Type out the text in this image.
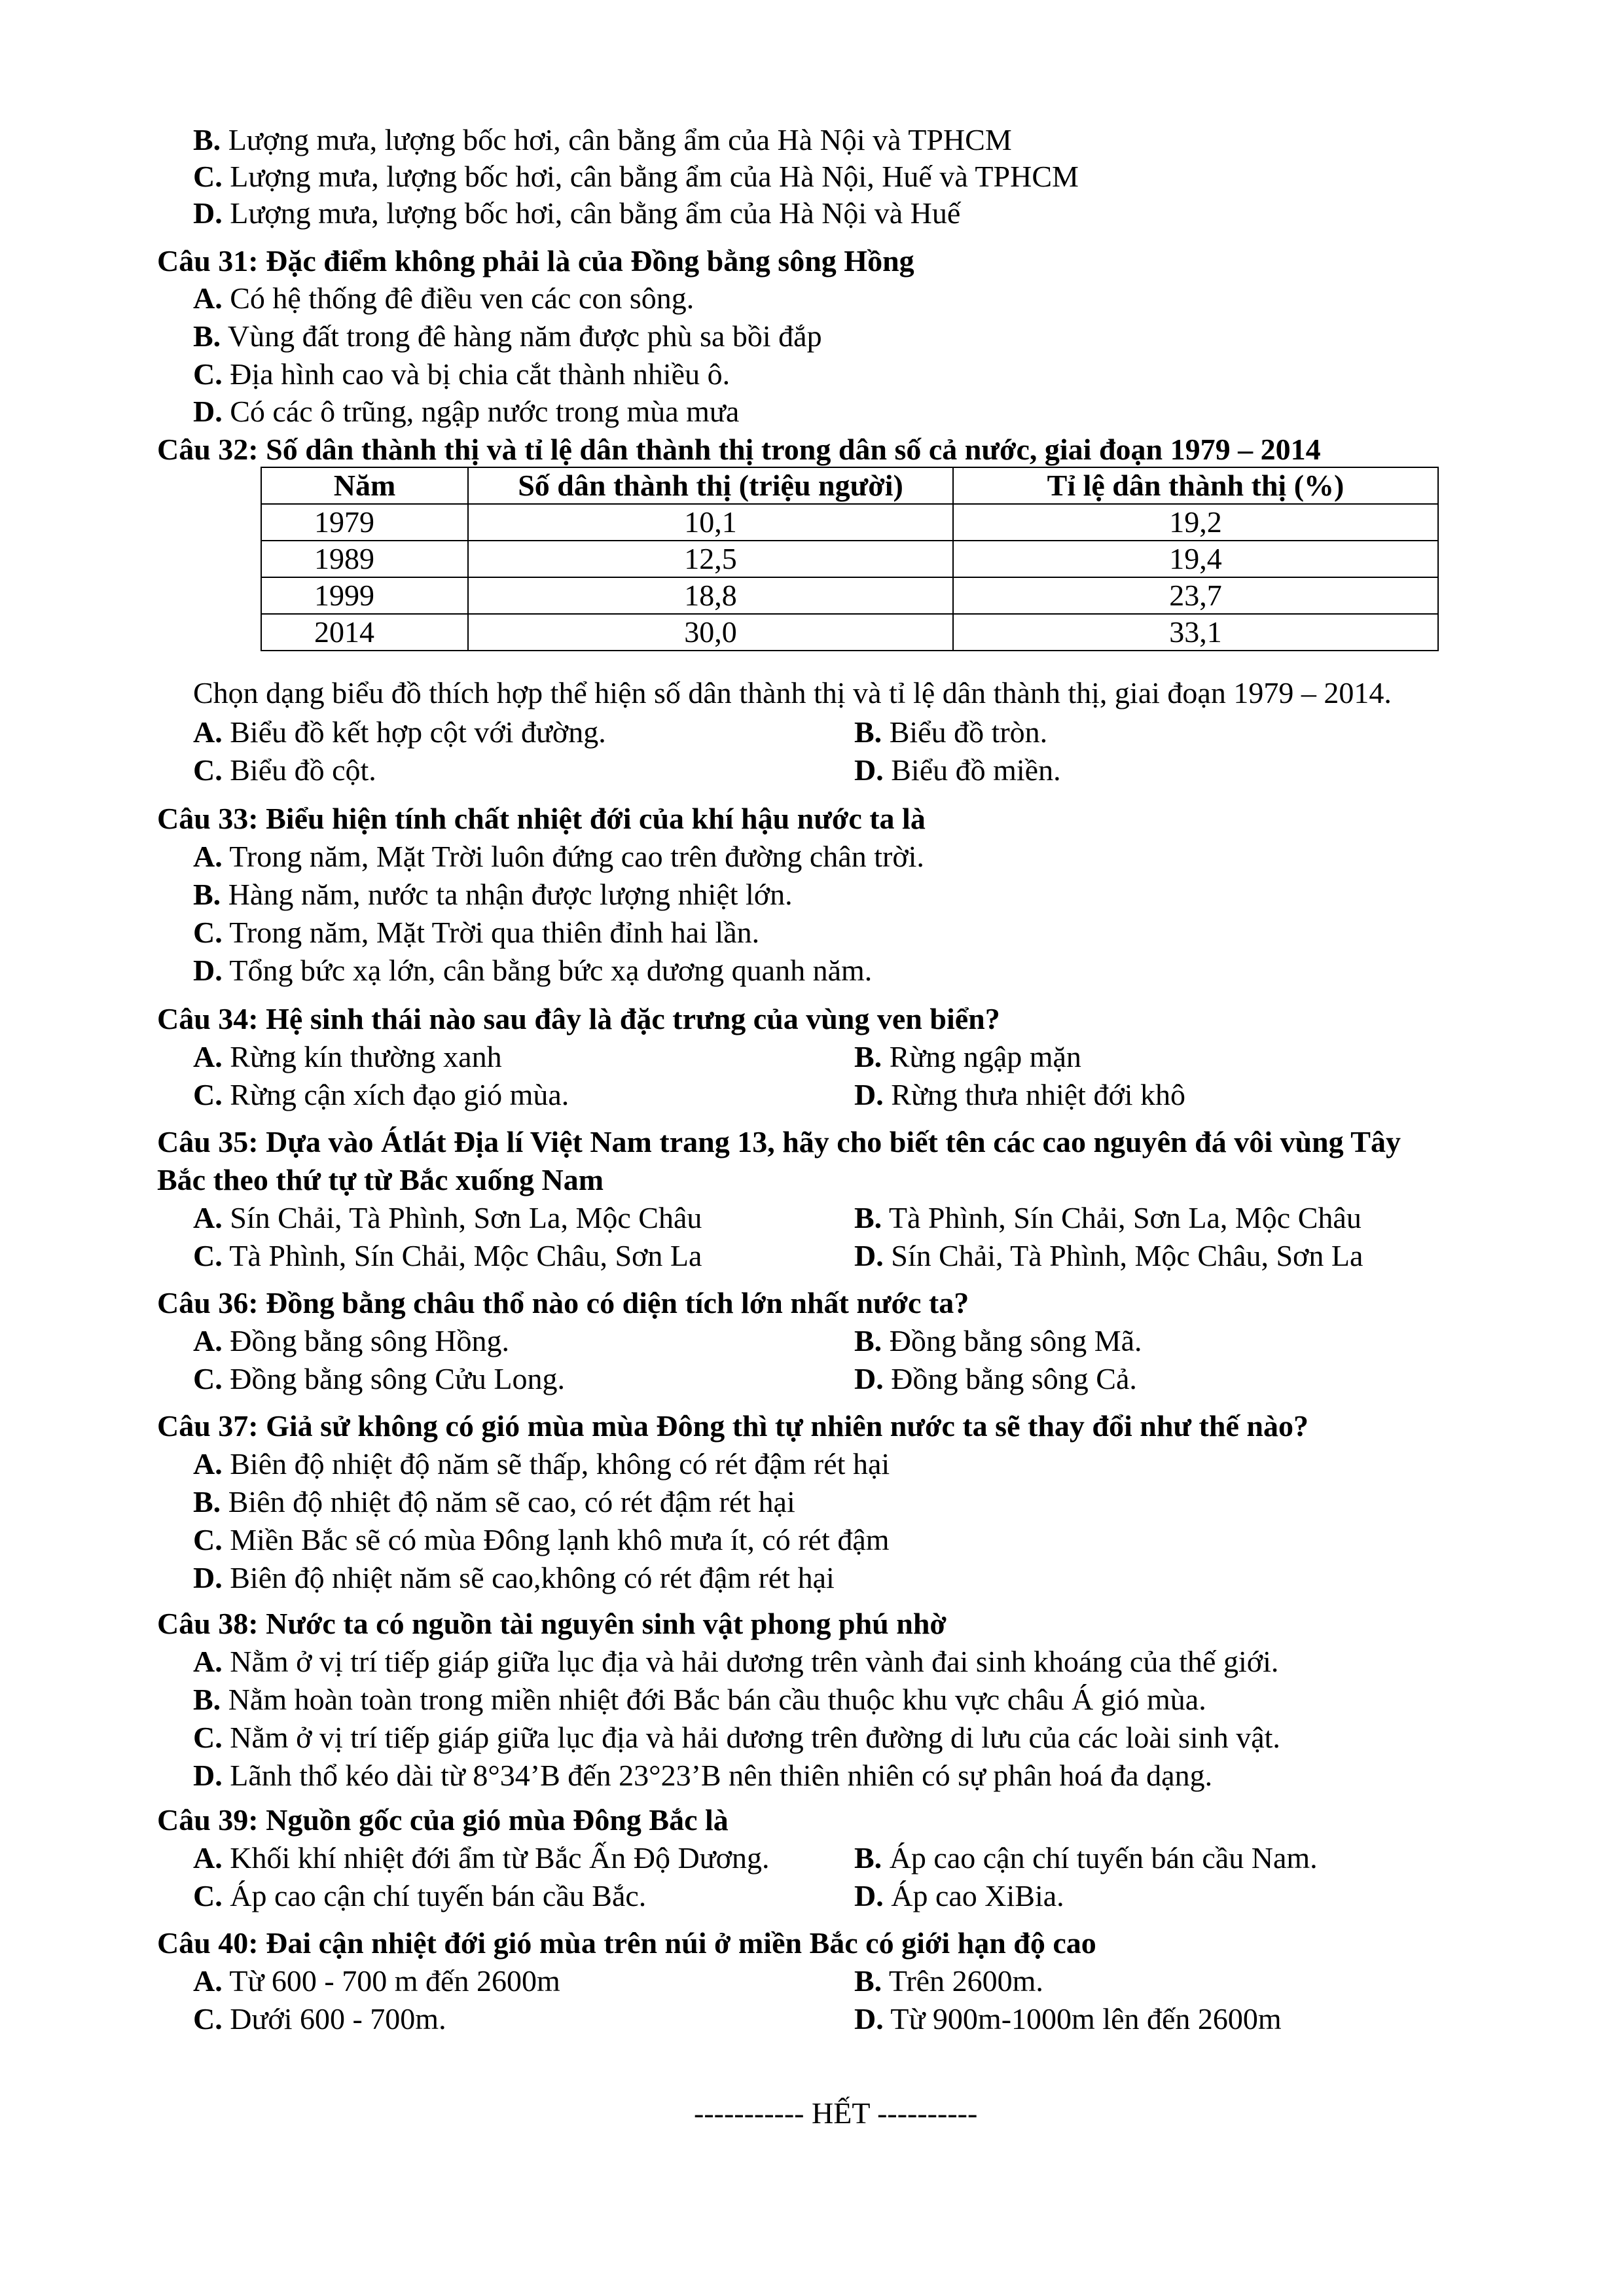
B. Lượng mưa, lượng bốc hơi, cân bằng ẩm của Hà Nội và TPHCM
C. Lượng mưa, lượng bốc hơi, cân bằng ẩm của Hà Nội, Huế và TPHCM
D. Lượng mưa, lượng bốc hơi, cân bằng ẩm của Hà Nội và Huế
Câu 31: Đặc điểm không phải là của Đồng bằng sông Hồng
A. Có hệ thống đê điều ven các con sông.
B. Vùng đất trong đê hàng năm được phù sa bồi đắp
C. Địa hình cao và bị chia cắt thành nhiều ô.
D. Có các ô trũng, ngập nước trong mùa mưa
Câu 32: Số dân thành thị và tỉ lệ dân thành thị trong dân số cả nước, giai đoạn 1979 – 2014
Năm	Số dân thành thị (triệu người)	Tỉ lệ dân thành thị (%)
1979	10,1	19,2
1989	12,5	19,4
1999	18,8	23,7
2014	30,0	33,1
Chọn dạng biểu đồ thích hợp thể hiện số dân thành thị và tỉ lệ dân thành thị, giai đoạn 1979 – 2014.
A. Biểu đồ kết hợp cột với đường.	B. Biểu đồ tròn.
C. Biểu đồ cột.	D. Biểu đồ miền.
Câu 33: Biểu hiện tính chất nhiệt đới của khí hậu nước ta là
A. Trong năm, Mặt Trời luôn đứng cao trên đường chân trời.
B. Hàng năm, nước ta nhận được lượng nhiệt lớn.
C. Trong năm, Mặt Trời qua thiên đỉnh hai lần.
D. Tổng bức xạ lớn, cân bằng bức xạ dương quanh năm.
Câu 34: Hệ sinh thái nào sau đây là đặc trưng của vùng ven biển?
A. Rừng kín thường xanh	B. Rừng ngập mặn
C. Rừng cận xích đạo gió mùa.	D. Rừng thưa nhiệt đới khô
Câu 35: Dựa vào Átlát Địa lí Việt Nam trang 13, hãy cho biết tên các cao nguyên đá vôi vùng Tây
Bắc theo thứ tự từ Bắc xuống Nam
A. Sín Chải, Tà Phình, Sơn La, Mộc Châu	B. Tà Phình, Sín Chải, Sơn La, Mộc Châu
C. Tà Phình, Sín Chải, Mộc Châu, Sơn La	D. Sín Chải, Tà Phình, Mộc Châu, Sơn La
Câu 36: Đồng bằng châu thổ nào có diện tích lớn nhất nước ta?
A. Đồng bằng sông Hồng.	B. Đồng bằng sông Mã.
C. Đồng bằng sông Cửu Long.	D. Đồng bằng sông Cả.
Câu 37: Giả sử không có gió mùa mùa Đông thì tự nhiên nước ta sẽ thay đổi như thế nào?
A. Biên độ nhiệt độ năm sẽ thấp, không có rét đậm rét hại
B. Biên độ nhiệt độ năm sẽ cao, có rét đậm rét hại
C. Miền Bắc sẽ có mùa Đông lạnh khô mưa ít, có rét đậm
D. Biên độ nhiệt năm sẽ cao,không có rét đậm rét hại
Câu 38: Nước ta có nguồn tài nguyên sinh vật phong phú nhờ
A. Nằm ở vị trí tiếp giáp giữa lục địa và hải dương trên vành đai sinh khoáng của thế giới.
B. Nằm hoàn toàn trong miền nhiệt đới Bắc bán cầu thuộc khu vực châu Á gió mùa.
C. Nằm ở vị trí tiếp giáp giữa lục địa và hải dương trên đường di lưu của các loài sinh vật.
D. Lãnh thổ kéo dài từ 8°34’B đến 23°23’B nên thiên nhiên có sự phân hoá đa dạng.
Câu 39: Nguồn gốc của gió mùa Đông Bắc là
A. Khối khí nhiệt đới ẩm từ Bắc Ấn Độ Dương.	B. Áp cao cận chí tuyến bán cầu Nam.
C. Áp cao cận chí tuyến bán cầu Bắc.	D. Áp cao XiBia.
Câu 40: Đai cận nhiệt đới gió mùa trên núi ở miền Bắc có giới hạn độ cao
A. Từ 600 - 700 m đến 2600m	B. Trên 2600m.
C. Dưới 600 - 700m.	D. Từ 900m-1000m lên đến 2600m
----------- HẾT ----------
